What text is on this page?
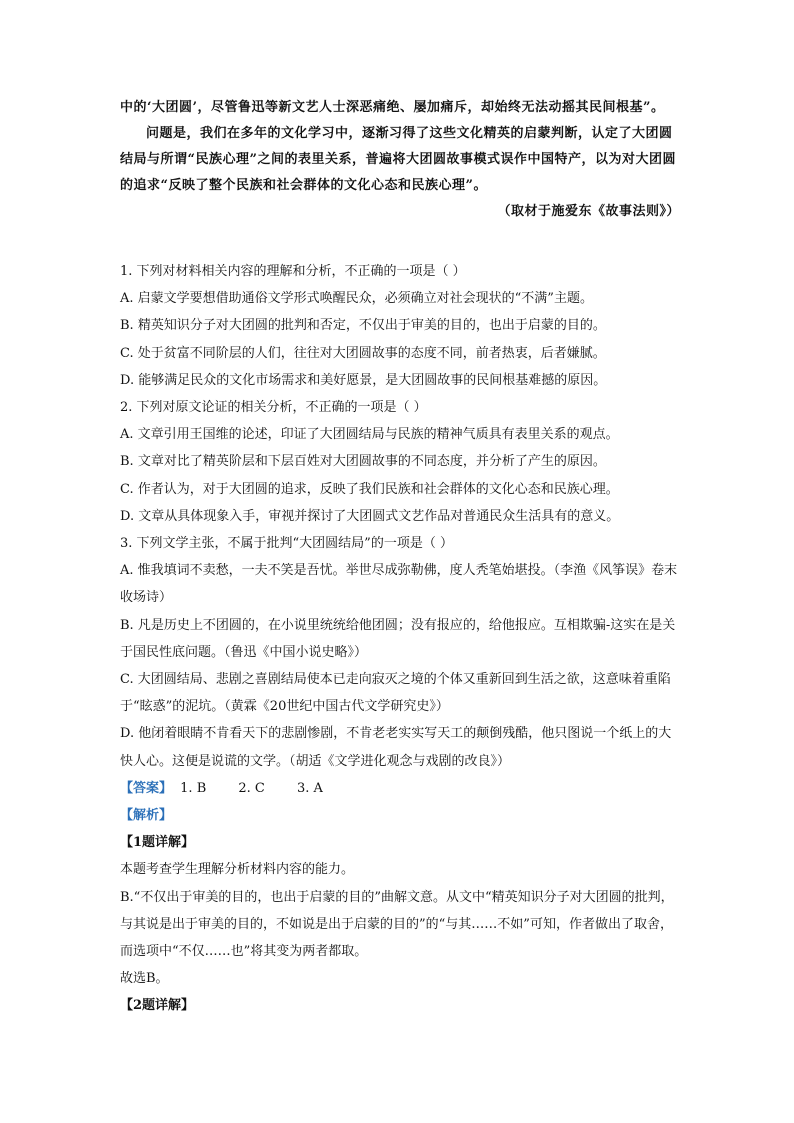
中的‘大团圆’，尽管鲁迅等新文艺人士深恶痛绝、屡加痛斥，却始终无法动摇其民间根基”。

问题是，我们在多年的文化学习中，逐渐习得了这些文化精英的启蒙判断，认定了大团圆结局与所谓“民族心理”之间的表里关系，普遍将大团圆故事模式误作中国特产，以为对大团圆的追求“反映了整个民族和社会群体的文化心态和民族心理”。

（取材于施爱东《故事法则》）

1. 下列对材料相关内容的理解和分析，不正确的一项是（ ）

A. 启蒙文学要想借助通俗文学形式唤醒民众，必须确立对社会现状的“不满”主题。

B. 精英知识分子对大团圆的批判和否定，不仅出于审美的目的，也出于启蒙的目的。

C. 处于贫富不同阶层的人们，往往对大团圆故事的态度不同，前者热衷，后者嫌腻。

D. 能够满足民众的文化市场需求和美好愿景，是大团圆故事的民间根基难撼的原因。

2. 下列对原文论证的相关分析，不正确的一项是（ ）

A. 文章引用王国维的论述，印证了大团圆结局与民族的精神气质具有表里关系的观点。

B. 文章对比了精英阶层和下层百姓对大团圆故事的不同态度，并分析了产生的原因。

C. 作者认为，对于大团圆的追求，反映了我们民族和社会群体的文化心态和民族心理。

D. 文章从具体现象入手，审视并探讨了大团圆式文艺作品对普通民众生活具有的意义。

3. 下列文学主张，不属于批判“大团圆结局”的一项是（ ）

A. 惟我填词不卖愁，一夫不笑是吾忧。举世尽成弥勒佛，度人秃笔始堪投。（李渔《风筝误》卷末收场诗）

B. 凡是历史上不团圆的，在小说里统统给他团圆；没有报应的，给他报应。互相欺骗-这实在是关于国民性底问题。（鲁迅《中国小说史略》）

C. 大团圆结局、悲剧之喜剧结局使本已走向寂灭之境的个体又重新回到生活之欲，这意味着重陷于“眩惑”的泥坑。（黄霖《20世纪中国古代文学研究史》）

D. 他闭着眼睛不肯看天下的悲剧惨剧，不肯老老实实写天工的颠倒残酷，他只图说一个纸上的大快人心。这便是说谎的文学。（胡适《文学进化观念与戏剧的改良》）

【答案】 1. B 2. C 3. A

【解析】

【1题详解】

本题考查学生理解分析材料内容的能力。

B.“不仅出于审美的目的，也出于启蒙的目的”曲解文意。从文中“精英知识分子对大团圆的批判，与其说是出于审美的目的，不如说是出于启蒙的目的”的“与其……不如”可知，作者做出了取舍，而选项中“不仅……也”将其变为两者都取。

故选B。

【2题详解】
